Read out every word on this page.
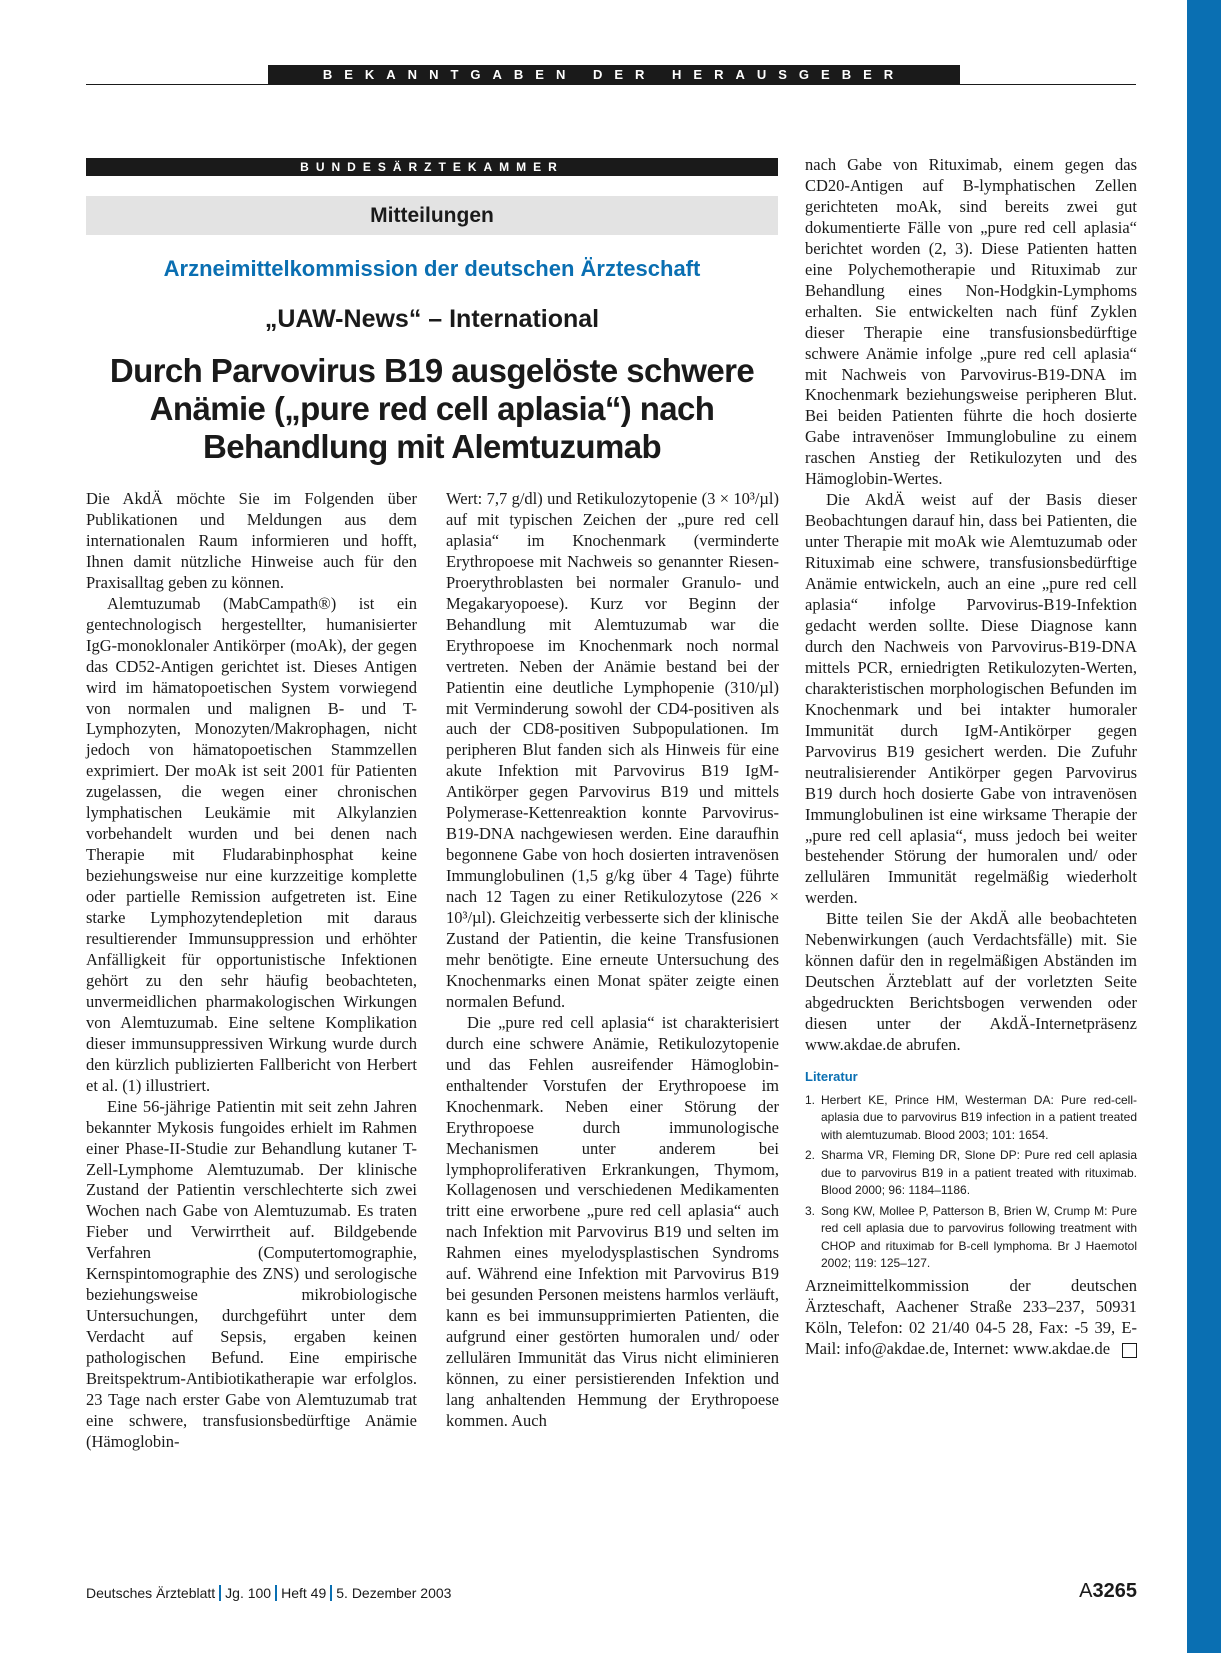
BEKANNTGABEN DER HERAUSGEBER
BUNDESÄRZTEKAMMER
Mitteilungen
Arzneimittelkommission der deutschen Ärzteschaft
„UAW-News“ – International
Durch Parvovirus B19 ausgelöste schwere Anämie („pure red cell aplasia“) nach Behandlung mit Alemtuzumab

Die AkdÄ möchte Sie im Folgenden über Publikationen und Meldungen aus dem internationalen Raum informieren und hofft, Ihnen damit nützliche Hinweise auch für den Praxisalltag geben zu können.

Alemtuzumab (MabCampath®) ist ein gentechnologisch hergestellter, humanisierter IgG-monoklonaler Antikörper (moAk), der gegen das CD52-Antigen gerichtet ist. Dieses Antigen wird im hämatopoetischen System vorwiegend von normalen und malignen B- und T-Lymphozyten, Monozyten/Makrophagen, nicht jedoch von hämatopoetischen Stammzellen exprimiert. Der moAk ist seit 2001 für Patienten zugelassen, die wegen einer chronischen lymphatischen Leukämie mit Alkylanzien vorbehandelt wurden und bei denen nach Therapie mit Fludarabinphosphat keine beziehungsweise nur eine kurzzeitige komplette oder partielle Remission aufgetreten ist. Eine starke Lymphozytendepletion mit daraus resultierender Immunsuppression und erhöhter Anfälligkeit für opportunistische Infektionen gehört zu den sehr häufig beobachteten, unvermeidlichen pharmakologischen Wirkungen von Alemtuzumab. Eine seltene Komplikation dieser immunsuppressiven Wirkung wurde durch den kürzlich publizierten Fallbericht von Herbert et al. (1) illustriert.

Eine 56-jährige Patientin mit seit zehn Jahren bekannter Mykosis fungoides erhielt im Rahmen einer Phase-II-Studie zur Behandlung kutaner T-Zell-Lymphome Alemtuzumab. Der klinische Zustand der Patientin verschlechterte sich zwei Wochen nach Gabe von Alemtuzumab. Es traten Fieber und Verwirrtheit auf. Bildgebende Verfahren (Computertomographie, Kernspintomographie des ZNS) und serologische beziehungsweise mikrobiologische Untersuchungen, durchgeführt unter dem Verdacht auf Sepsis, ergaben keinen pathologischen Befund. Eine empirische Breitspektrum-Antibiotikatherapie war erfolglos. 23 Tage nach erster Gabe von Alemtuzumab trat eine schwere, transfusionsbedürftige Anämie (Hämoglobin-

Wert: 7,7 g/dl) und Retikulozytopenie (3 × 10³/µl) auf mit typischen Zeichen der „pure red cell aplasia“ im Knochenmark (verminderte Erythropoese mit Nachweis so genannter Riesen-Proerythroblasten bei normaler Granulo- und Megakaryopoese). Kurz vor Beginn der Behandlung mit Alemtuzumab war die Erythropoese im Knochenmark noch normal vertreten. Neben der Anämie bestand bei der Patientin eine deutliche Lymphopenie (310/µl) mit Verminderung sowohl der CD4-positiven als auch der CD8-positiven Subpopulationen. Im peripheren Blut fanden sich als Hinweis für eine akute Infektion mit Parvovirus B19 IgM-Antikörper gegen Parvovirus B19 und mittels Polymerase-Kettenreaktion konnte Parvovirus-B19-DNA nachgewiesen werden. Eine daraufhin begonnene Gabe von hoch dosierten intravenösen Immunglobulinen (1,5 g/kg über 4 Tage) führte nach 12 Tagen zu einer Retikulozytose (226 × 10³/µl). Gleichzeitig verbesserte sich der klinische Zustand der Patientin, die keine Transfusionen mehr benötigte. Eine erneute Untersuchung des Knochenmarks einen Monat später zeigte einen normalen Befund.

Die „pure red cell aplasia“ ist charakterisiert durch eine schwere Anämie, Retikulozytopenie und das Fehlen ausreifender Hämoglobin-enthaltender Vorstufen der Erythropoese im Knochenmark. Neben einer Störung der Erythropoese durch immunologische Mechanismen unter anderem bei lymphoproliferativen Erkrankungen, Thymom, Kollagenosen und verschiedenen Medikamenten tritt eine erworbene „pure red cell aplasia“ auch nach Infektion mit Parvovirus B19 und selten im Rahmen eines myelodysplastischen Syndroms auf. Während eine Infektion mit Parvovirus B19 bei gesunden Personen meistens harmlos verläuft, kann es bei immunsupprimierten Patienten, die aufgrund einer gestörten humoralen und/ oder zellulären Immunität das Virus nicht eliminieren können, zu einer persistierenden Infektion und lang anhaltenden Hemmung der Erythropoese kommen. Auch

nach Gabe von Rituximab, einem gegen das CD20-Antigen auf B-lymphatischen Zellen gerichteten moAk, sind bereits zwei gut dokumentierte Fälle von „pure red cell aplasia“ berichtet worden (2, 3). Diese Patienten hatten eine Polychemotherapie und Rituximab zur Behandlung eines Non-Hodgkin-Lymphoms erhalten. Sie entwickelten nach fünf Zyklen dieser Therapie eine transfusionsbedürftige schwere Anämie infolge „pure red cell aplasia“ mit Nachweis von Parvovirus-B19-DNA im Knochenmark beziehungsweise peripheren Blut. Bei beiden Patienten führte die hoch dosierte Gabe intravenöser Immunglobuline zu einem raschen Anstieg der Retikulozyten und des Hämoglobin-Wertes.

Die AkdÄ weist auf der Basis dieser Beobachtungen darauf hin, dass bei Patienten, die unter Therapie mit moAk wie Alemtuzumab oder Rituximab eine schwere, transfusionsbedürftige Anämie entwickeln, auch an eine „pure red cell aplasia“ infolge Parvovirus-B19-Infektion gedacht werden sollte. Diese Diagnose kann durch den Nachweis von Parvovirus-B19-DNA mittels PCR, erniedrigten Retikulozyten-Werten, charakteristischen morphologischen Befunden im Knochenmark und bei intakter humoraler Immunität durch IgM-Antikörper gegen Parvovirus B19 gesichert werden. Die Zufuhr neutralisierender Antikörper gegen Parvovirus B19 durch hoch dosierte Gabe von intravenösen Immunglobulinen ist eine wirksame Therapie der „pure red cell aplasia“, muss jedoch bei weiter bestehender Störung der humoralen und/ oder zellulären Immunität regelmäßig wiederholt werden.

Bitte teilen Sie der AkdÄ alle beobachteten Nebenwirkungen (auch Verdachtsfälle) mit. Sie können dafür den in regelmäßigen Abständen im Deutschen Ärzteblatt auf der vorletzten Seite abgedruckten Berichtsbogen verwenden oder diesen unter der AkdÄ-Internetpräsenz www.akdae.de abrufen.

Literatur
1. Herbert KE, Prince HM, Westerman DA: Pure red-cell-aplasia due to parvovirus B19 infection in a patient treated with alemtuzumab. Blood 2003; 101: 1654.
2. Sharma VR, Fleming DR, Slone DP: Pure red cell aplasia due to parvovirus B19 in a patient treated with rituximab. Blood 2000; 96: 1184–1186.
3. Song KW, Mollee P, Patterson B, Brien W, Crump M: Pure red cell aplasia due to parvovirus following treatment with CHOP and rituximab for B-cell lymphoma. Br J Haemotol 2002; 119: 125–127.

Arzneimittelkommission der deutschen Ärzteschaft, Aachener Straße 233–237, 50931 Köln, Telefon: 02 21/40 04-5 28, Fax: -5 39, E-Mail: info@akdae.de, Internet: www.akdae.de

Deutsches Ärzteblatt Jg. 100 Heft 49 5. Dezember 2003	A3265
